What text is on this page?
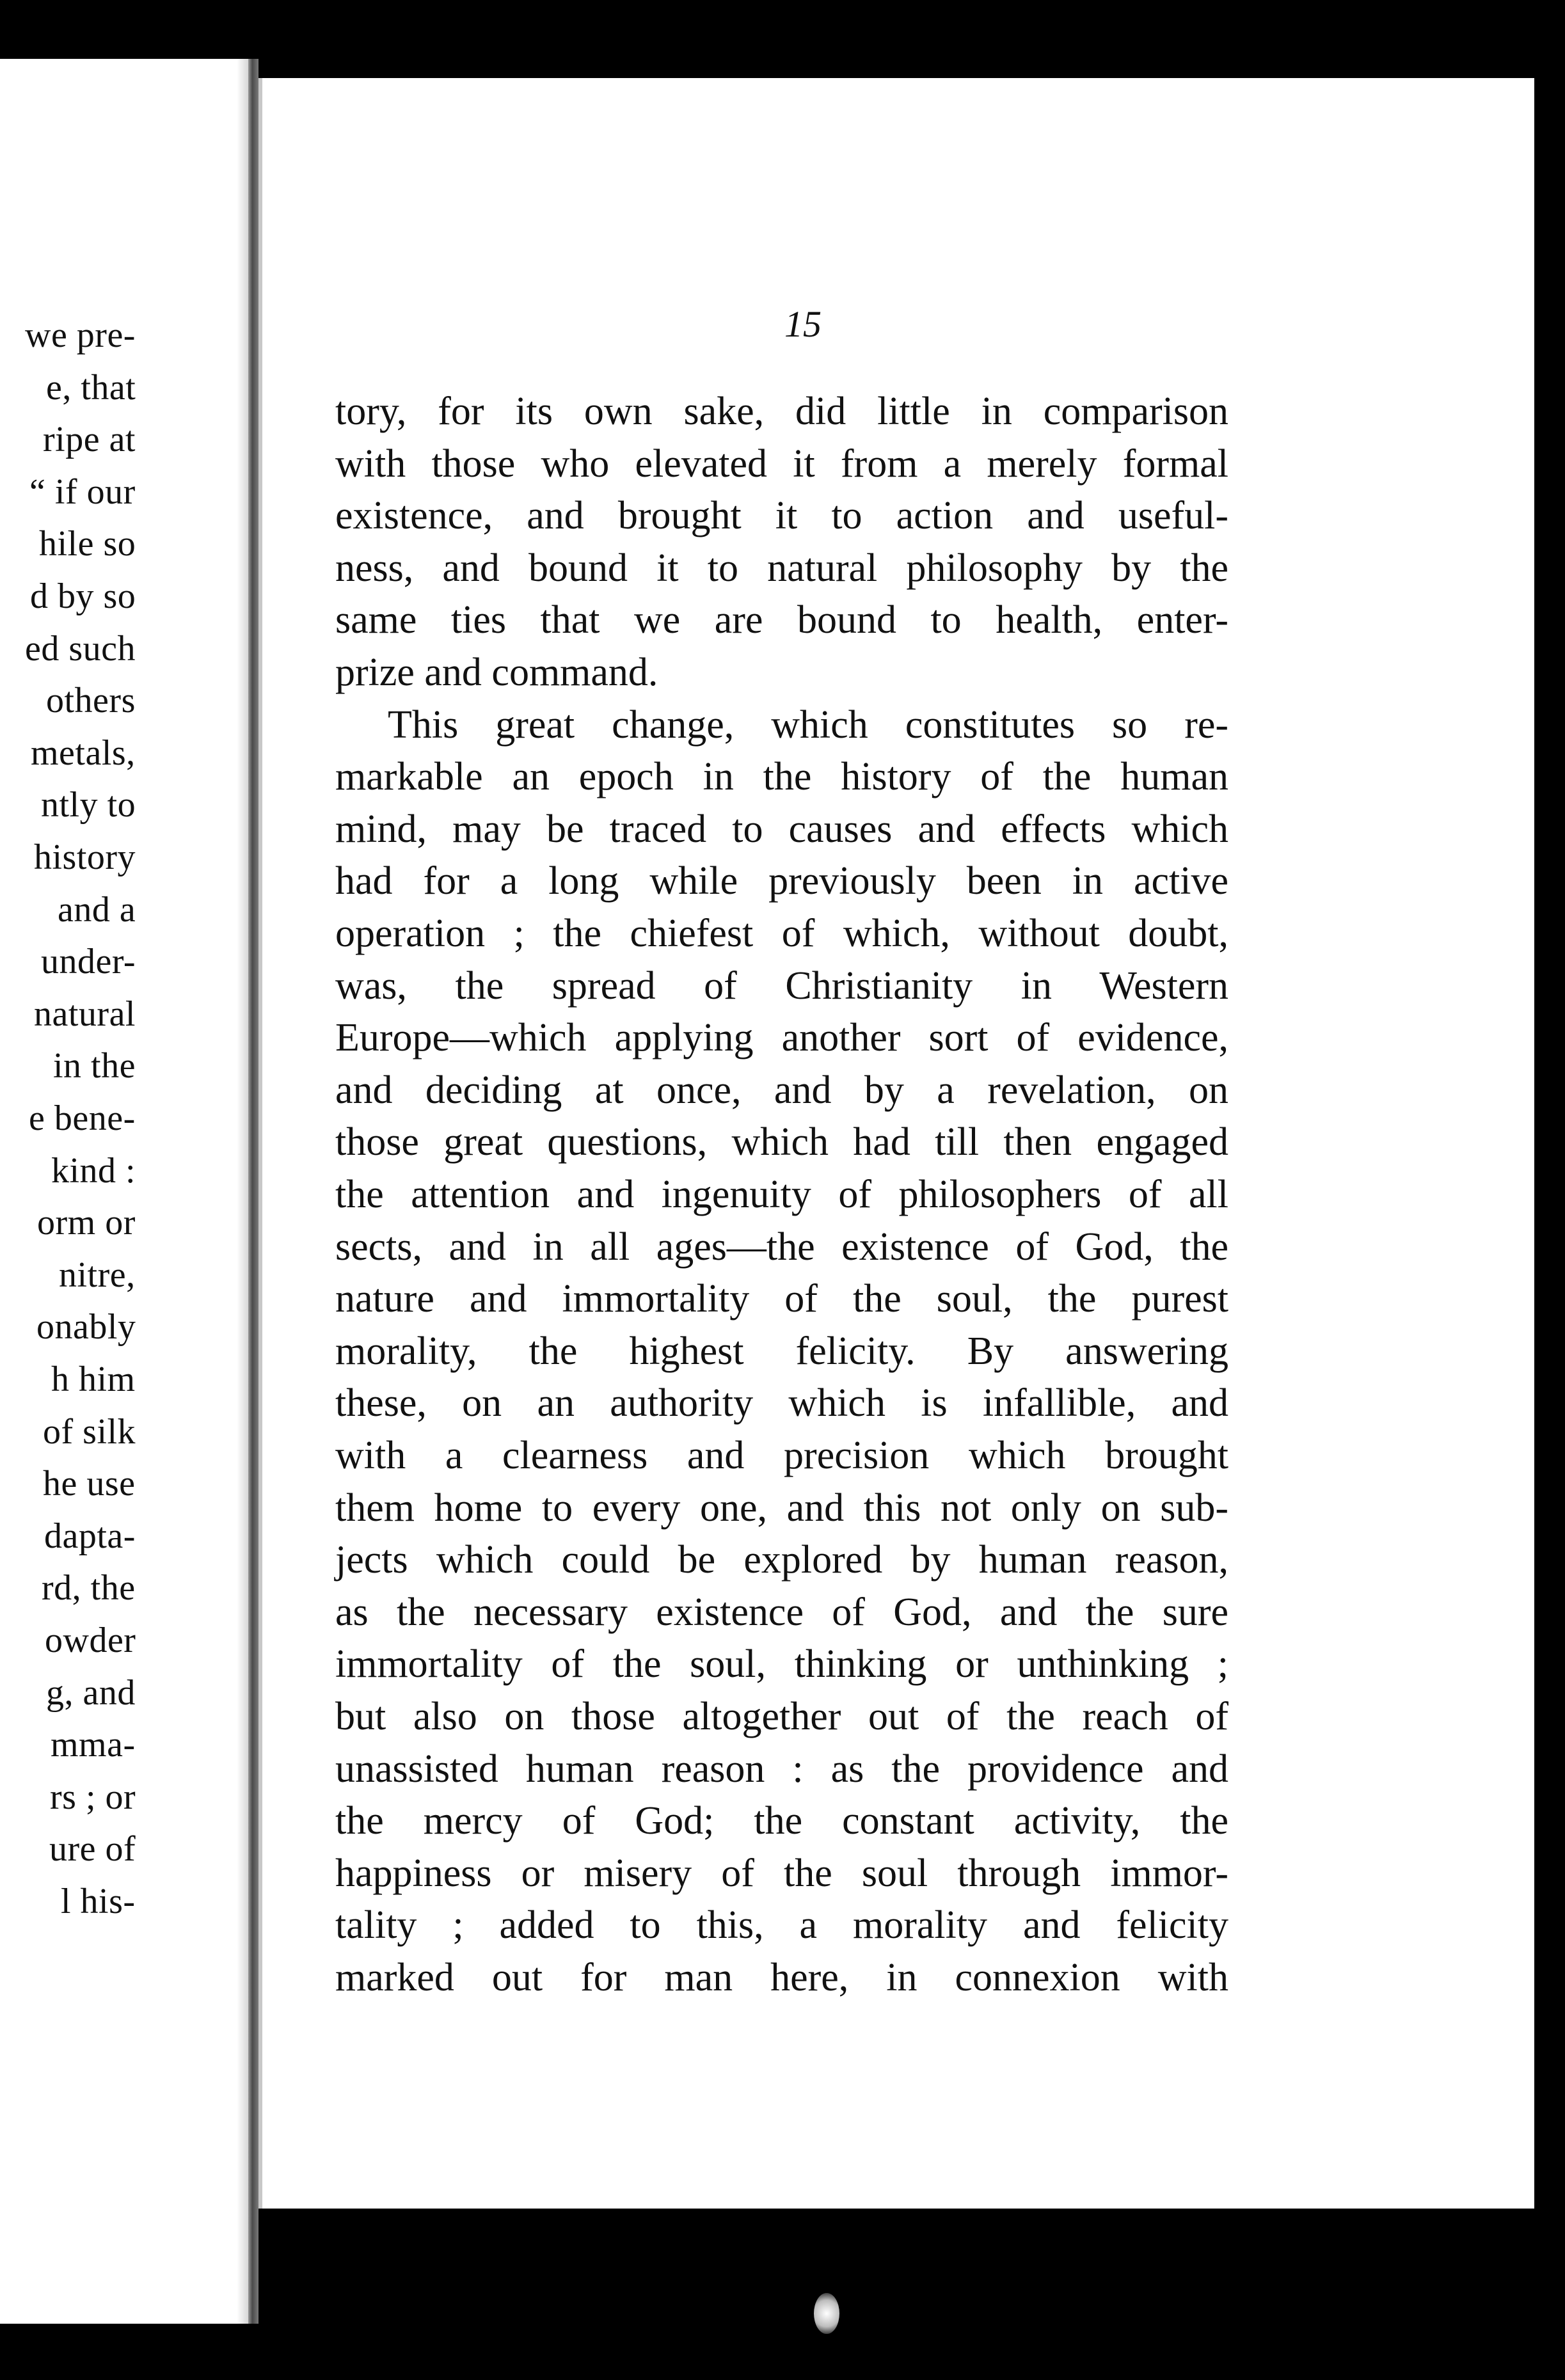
we pre-
e, that
ripe at
“ if our
hile so
d by so
ed such
others
metals,
ntly to
history
and a
under-
natural
in the
e bene-
kind :
orm or
nitre,
onably
h him
of silk
he use
dapta-
rd, the
owder
g, and
mma-
rs ; or
ure of
l his-
15
tory, for its own sake, did little in comparison
with those who elevated it from a merely formal
existence, and brought it to action and useful-
ness, and bound it to natural philosophy by the
same ties that we are bound to health, enter-
prize and command.
This great change, which constitutes so re-
markable an epoch in the history of the human
mind, may be traced to causes and effects which
had for a long while previously been in active
operation ; the chiefest of which, without doubt,
was, the spread of Christianity in Western
Europe—which applying another sort of evidence,
and deciding at once, and by a revelation, on
those great questions, which had till then engaged
the attention and ingenuity of philosophers of all
sects, and in all ages—the existence of God, the
nature and immortality of the soul, the purest
morality, the highest felicity. By answering
these, on an authority which is infallible, and
with a clearness and precision which brought
them home to every one, and this not only on sub-
jects which could be explored by human reason,
as the necessary existence of God, and the sure
immortality of the soul, thinking or unthinking ;
but also on those altogether out of the reach of
unassisted human reason : as the providence and
the mercy of God; the constant activity, the
happiness or misery of the soul through immor-
tality ; added to this, a morality and felicity
marked out for man here, in connexion with
